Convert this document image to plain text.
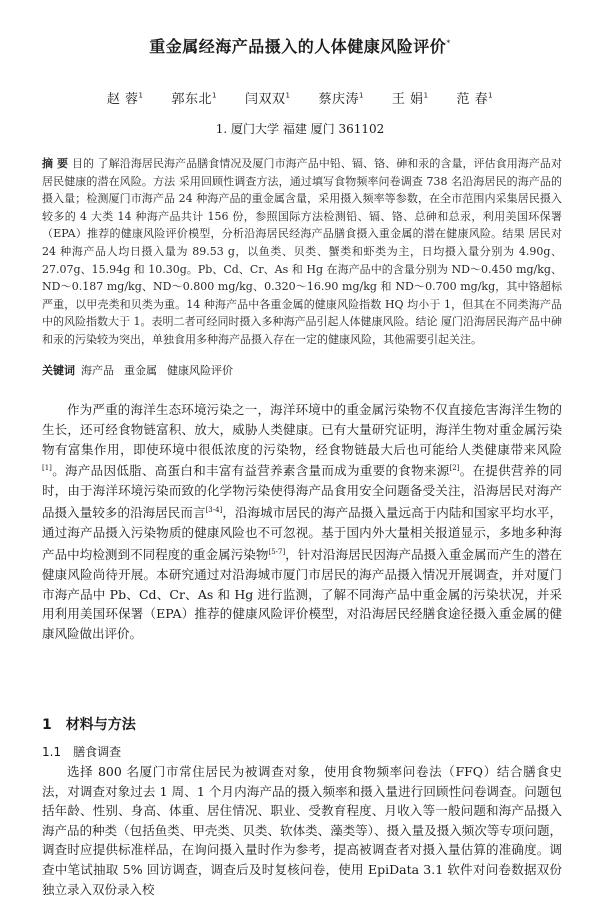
重金属经海产品摄入的人体健康风险评价*
赵 蓉$^1$ 郭东北$^1$ 闫双双$^1$ 蔡庆涛$^1$ 王 娟$^1$ 范 春$^1$
1. 厦门大学 福建 厦门 361102
摘 要 目的 了解沿海居民海产品膳食情况及厦门市海产品中铅、镉、铬、砷和汞的含量，评估食用海产品对居民健康的潜在风险。方法 采用回顾性调查方法，通过填写食物频率问卷调查 738 名沿海居民的海产品的摄入量；检测厦门市海产品 24 种海产品的重金属含量，采用摄入频率等参数，在全市范围内采集居民摄入较多的 4 大类 14 种海产品共计 156 份，参照国际方法检测铅、镉、铬、总砷和总汞，利用美国环保署（EPA）推荐的健康风险评价模型，分析沿海居民经海产品膳食摄入重金属的潜在健康风险。结果 居民对 24 种海产品人均日摄入量为 89.53 g，以鱼类、贝类、蟹类和虾类为主，日均摄入量分别为 4.90g、27.07g、15.94g 和 10.30g。Pb、Cd、Cr、As 和 Hg 在海产品中的含量分别为 ND～0.450 mg/kg、ND～0.187 mg/kg、ND～0.800 mg/kg、0.320～16.90 mg/kg 和 ND～0.700 mg/kg，其中铬超标严重，以甲壳类和贝类为重。14 种海产品中各重金属的健康风险指数 HQ 均小于 1，但其在不同类海产品中的风险指数大于 1。表明二者可经同时摄入多种海产品引起人体健康风险。结论 厦门沿海居民海产品中砷和汞的污染较为突出，单独食用多种海产品摄入存在一定的健康风险，其他需要引起关注。
关键词 海产品 重金属 健康风险评价
作为严重的海洋生态环境污染之一，海洋环境中的重金属污染物不仅直接危害海洋生物的生长，还可经食物链富积、放大，威胁人类健康。已有大量研究证明，海洋生物对重金属污染物有富集作用，即使环境中很低浓度的污染物，经食物链最大后也可能给人类健康带来风险[1]。海产品因低脂、高蛋白和丰富有益营养素含量而成为重要的食物来源[2]。在提供营养的同时，由于海洋环境污染而致的化学物污染使得海产品食用安全问题备受关注，沿海居民对海产品摄入量较多的沿海居民而言[3-4]，沿海城市居民的海产品摄入量远高于内陆和国家平均水平，通过海产品摄入污染物质的健康风险也不可忽视。基于国内外大量相关报道显示，多地多种海产品中均检测到不同程度的重金属污染物[5-7]，针对沿海居民因海产品摄入重金属而产生的潜在健康风险尚待开展。本研究通过对沿海城市厦门市居民的海产品摄入情况开展调查，并对厦门市海产品中 Pb、Cd、Cr、As 和 Hg 进行监测，了解不同海产品中重金属的污染状况，并采用利用美国环保署（EPA）推荐的健康风险评价模型，对沿海居民经膳食途径摄入重金属的健康风险做出评价。
1 材料与方法
1.1 膳食调查
选择 800 名厦门市常住居民为被调查对象，使用食物频率问卷法（FFQ）结合膳食史法，对调查对象过去 1 周、1 个月内海产品的摄入频率和摄入量进行回顾性问卷调查。问题包括年龄、性别、身高、体重、居住情况、职业、受教育程度、月收入等一般问题和海产品摄入海产品的种类（包括鱼类、甲壳类、贝类、软体类、藻类等）、摄入量及摄入频次等专项问题，调查时应提供标准样品，在询问摄入量时作为参考，提高被调查者对摄入量估算的准确度。调查中笔试抽取 5% 回访调查，调查后及时复核问卷，使用 EpiData 3.1 软件对问卷数据双份独立录入双份录入校
